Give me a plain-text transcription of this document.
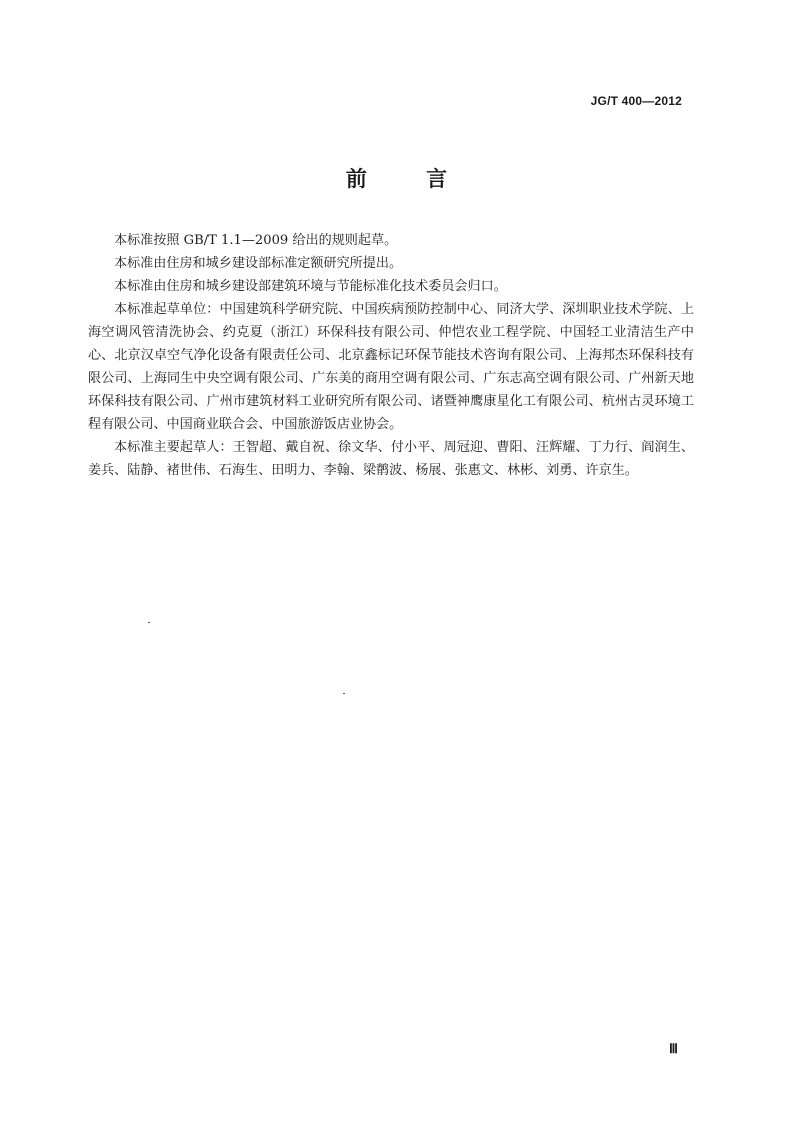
JG/T 400—2012
前 言

本标准按照 GB/T 1.1—2009 给出的规则起草。

本标准由住房和城乡建设部标准定额研究所提出。

本标准由住房和城乡建设部建筑环境与节能标准化技术委员会归口。

本标准起草单位：中国建筑科学研究院、中国疾病预防控制中心、同济大学、深圳职业技术学院、上海空调风管清洗协会、约克夏（浙江）环保科技有限公司、仲恺农业工程学院、中国轻工业清洁生产中心、北京汉卓空气净化设备有限责任公司、北京鑫标记环保节能技术咨询有限公司、上海邦杰环保科技有限公司、上海同生中央空调有限公司、广东美的商用空调有限公司、广东志高空调有限公司、广州新天地环保科技有限公司、广州市建筑材料工业研究所有限公司、诸暨神鹰康星化工有限公司、杭州古灵环境工程有限公司、中国商业联合会、中国旅游饭店业协会。

本标准主要起草人：王智超、戴自祝、徐文华、付小平、周冠迎、曹阳、汪辉耀、丁力行、阎润生、姜兵、陆静、褚世伟、石海生、田明力、李翰、梁鹡波、杨展、张惠文、林彬、刘勇、许京生。

Ⅲ
